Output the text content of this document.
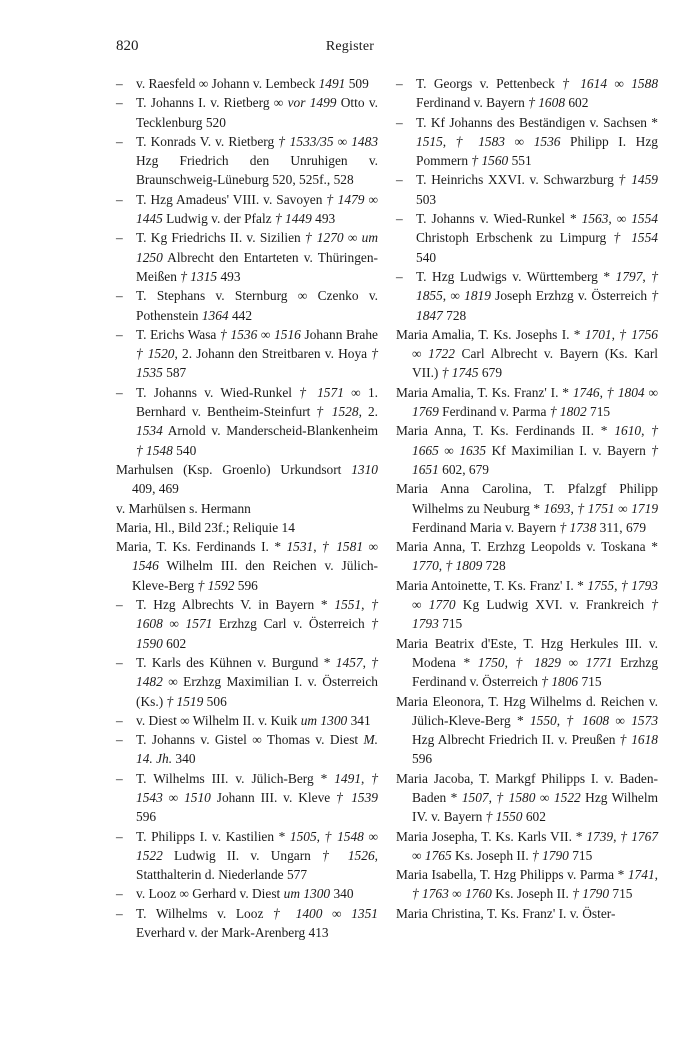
820	Register

– v. Raesfeld ∞ Johann v. Lembeck 1491 509

– T. Johanns I. v. Rietberg ∞ vor 1499 Otto v. Tecklenburg 520

– T. Konrads V. v. Rietberg † 1533/35 ∞ 1483 Hzg Friedrich den Unruhigen v. Braunschweig-Lüneburg 520, 525f., 528

– T. Hzg Amadeus' VIII. v. Savoyen † 1479 ∞ 1445 Ludwig v. der Pfalz † 1449 493

– T. Kg Friedrichs II. v. Sizilien † 1270 ∞ um 1250 Albrecht den Entarteten v. Thüringen-Meißen † 1315 493

– T. Stephans v. Sternburg ∞ Czenko v. Pothenstein 1364 442

– T. Erichs Wasa † 1536 ∞ 1516 Johann Brahe † 1520, 2. Johann den Streitbaren v. Hoya † 1535 587

– T. Johanns v. Wied-Runkel † 1571 ∞ 1. Bernhard v. Bentheim-Steinfurt † 1528, 2. 1534 Arnold v. Manderscheid-Blankenheim † 1548 540

Marhulsen (Ksp. Groenlo) Urkundsort 1310 409, 469

v. Marhülsen s. Hermann

Maria, Hl., Bild 23f.; Reliquie 14

Maria, T. Ks. Ferdinands I. * 1531, † 1581 ∞ 1546 Wilhelm III. den Reichen v. Jülich-Kleve-Berg † 1592 596

– T. Hzg Albrechts V. in Bayern * 1551, † 1608 ∞ 1571 Erzhzg Carl v. Österreich † 1590 602

– T. Karls des Kühnen v. Burgund * 1457, † 1482 ∞ Erzhzg Maximilian I. v. Österreich (Ks.) † 1519 506

– v. Diest ∞ Wilhelm II. v. Kuik um 1300 341

– T. Johanns v. Gistel ∞ Thomas v. Diest M. 14. Jh. 340

– T. Wilhelms III. v. Jülich-Berg * 1491, † 1543 ∞ 1510 Johann III. v. Kleve † 1539 596

– T. Philipps I. v. Kastilien * 1505, † 1548 ∞ 1522 Ludwig II. v. Ungarn † 1526, Statthalterin d. Niederlande 577

– v. Looz ∞ Gerhard v. Diest um 1300 340

– T. Wilhelms v. Looz † 1400 ∞ 1351 Everhard v. der Mark-Arenberg 413

– T. Georgs v. Pettenbeck † 1614 ∞ 1588 Ferdinand v. Bayern † 1608 602

– T. Kf Johanns des Beständigen v. Sachsen * 1515, † 1583 ∞ 1536 Philipp I. Hzg Pommern † 1560 551

– T. Heinrichs XXVI. v. Schwarzburg † 1459 503

– T. Johanns v. Wied-Runkel * 1563, ∞ 1554 Christoph Erbschenk zu Limpurg † 1554 540

– T. Hzg Ludwigs v. Württemberg * 1797, † 1855, ∞ 1819 Joseph Erzhzg v. Österreich † 1847 728

Maria Amalia, T. Ks. Josephs I. * 1701, † 1756 ∞ 1722 Carl Albrecht v. Bayern (Ks. Karl VII.) † 1745 679

Maria Amalia, T. Ks. Franz' I. * 1746, † 1804 ∞ 1769 Ferdinand v. Parma † 1802 715

Maria Anna, T. Ks. Ferdinands II. * 1610, † 1665 ∞ 1635 Kf Maximilian I. v. Bayern † 1651 602, 679

Maria Anna Carolina, T. Pfalzgf Philipp Wilhelms zu Neuburg * 1693, † 1751 ∞ 1719 Ferdinand Maria v. Bayern † 1738 311, 679

Maria Anna, T. Erzhzg Leopolds v. Toskana * 1770, † 1809 728

Maria Antoinette, T. Ks. Franz' I. * 1755, † 1793 ∞ 1770 Kg Ludwig XVI. v. Frankreich † 1793 715

Maria Beatrix d'Este, T. Hzg Herkules III. v. Modena * 1750, † 1829 ∞ 1771 Erzhzg Ferdinand v. Österreich † 1806 715

Maria Eleonora, T. Hzg Wilhelms d. Reichen v. Jülich-Kleve-Berg * 1550, † 1608 ∞ 1573 Hzg Albrecht Friedrich II. v. Preußen † 1618 596

Maria Jacoba, T. Markgf Philipps I. v. Baden-Baden * 1507, † 1580 ∞ 1522 Hzg Wilhelm IV. v. Bayern † 1550 602

Maria Josepha, T. Ks. Karls VII. * 1739, † 1767 ∞ 1765 Ks. Joseph II. † 1790 715

Maria Isabella, T. Hzg Philipps v. Parma * 1741, † 1763 ∞ 1760 Ks. Joseph II. † 1790 715

Maria Christina, T. Ks. Franz' I. v. Öster-
